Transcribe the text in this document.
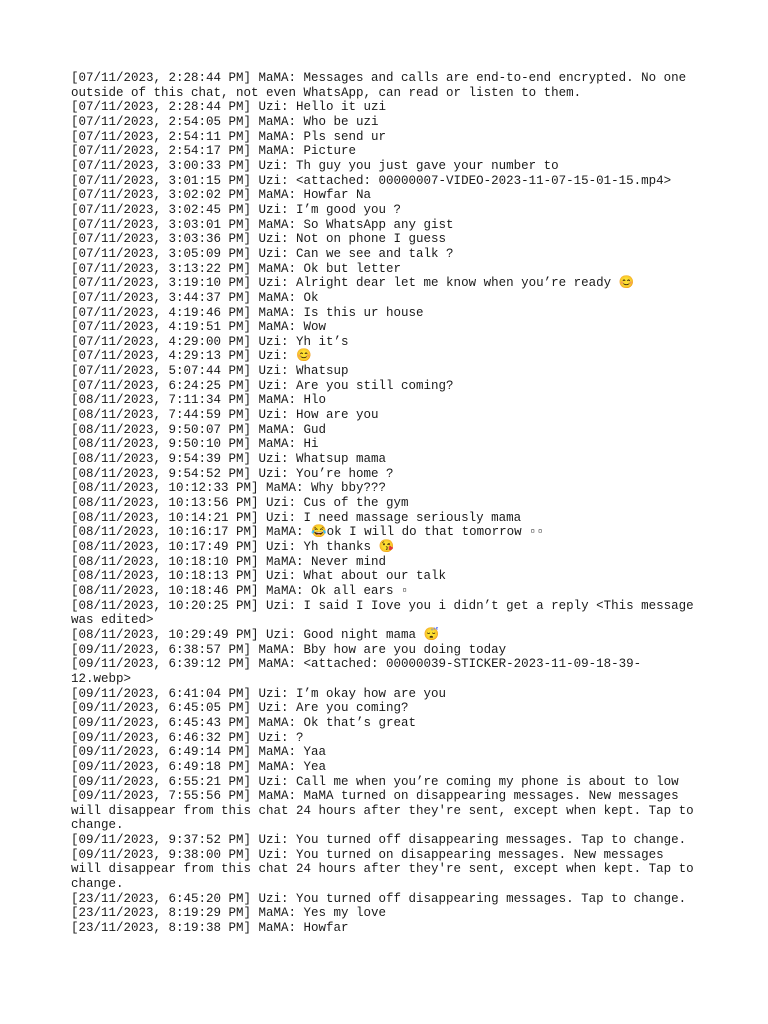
[07/11/2023, 2:28:44 PM] MaMA: Messages and calls are end-to-end encrypted. No one outside of this chat, not even WhatsApp, can read or listen to them.
[07/11/2023, 2:28:44 PM] Uzi: Hello it uzi
[07/11/2023, 2:54:05 PM] MaMA: Who be uzi
[07/11/2023, 2:54:11 PM] MaMA: Pls send ur
[07/11/2023, 2:54:17 PM] MaMA: Picture
[07/11/2023, 3:00:33 PM] Uzi: Th guy you just gave your number to
[07/11/2023, 3:01:15 PM] Uzi: <attached: 00000007-VIDEO-2023-11-07-15-01-15.mp4>
[07/11/2023, 3:02:02 PM] MaMA: Howfar Na
[07/11/2023, 3:02:45 PM] Uzi: I’m good you ?
[07/11/2023, 3:03:01 PM] MaMA: So WhatsApp any gist
[07/11/2023, 3:03:36 PM] Uzi: Not on phone I guess
[07/11/2023, 3:05:09 PM] Uzi: Can we see and talk ?
[07/11/2023, 3:13:22 PM] MaMA: Ok but letter
[07/11/2023, 3:19:10 PM] Uzi: Alright dear let me know when you’re ready 😊
[07/11/2023, 3:44:37 PM] MaMA: Ok
[07/11/2023, 4:19:46 PM] MaMA: Is this ur house
[07/11/2023, 4:19:51 PM] MaMA: Wow
[07/11/2023, 4:29:00 PM] Uzi: Yh it’s
[07/11/2023, 4:29:13 PM] Uzi: 😊
[07/11/2023, 5:07:44 PM] Uzi: Whatsup
[07/11/2023, 6:24:25 PM] Uzi: Are you still coming?
[08/11/2023, 7:11:34 PM] MaMA: Hlo
[08/11/2023, 7:44:59 PM] Uzi: How are you
[08/11/2023, 9:50:07 PM] MaMA: Gud
[08/11/2023, 9:50:10 PM] MaMA: Hi
[08/11/2023, 9:54:39 PM] Uzi: Whatsup mama
[08/11/2023, 9:54:52 PM] Uzi: You’re home ?
[08/11/2023, 10:12:33 PM] MaMA: Why bby???
[08/11/2023, 10:13:56 PM] Uzi: Cus of the gym
[08/11/2023, 10:14:21 PM] Uzi: I need massage seriously mama
[08/11/2023, 10:16:17 PM] MaMA: 😂ok I will do that tomorrow ▫▫
[08/11/2023, 10:17:49 PM] Uzi: Yh thanks 😘
[08/11/2023, 10:18:10 PM] MaMA: Never mind
[08/11/2023, 10:18:13 PM] Uzi: What about our talk
[08/11/2023, 10:18:46 PM] MaMA: Ok all ears ▫
[08/11/2023, 10:20:25 PM] Uzi: I said I Iove you i didn’t get a reply <This message was edited>
[08/11/2023, 10:29:49 PM] Uzi: Good night mama 😴
[09/11/2023, 6:38:57 PM] MaMA: Bby how are you doing today
[09/11/2023, 6:39:12 PM] MaMA: <attached: 00000039-STICKER-2023-11-09-18-39-12.webp>
[09/11/2023, 6:41:04 PM] Uzi: I’m okay how are you
[09/11/2023, 6:45:05 PM] Uzi: Are you coming?
[09/11/2023, 6:45:43 PM] MaMA: Ok that’s great
[09/11/2023, 6:46:32 PM] Uzi: ?
[09/11/2023, 6:49:14 PM] MaMA: Yaa
[09/11/2023, 6:49:18 PM] MaMA: Yea
[09/11/2023, 6:55:21 PM] Uzi: Call me when you’re coming my phone is about to low
[09/11/2023, 7:55:56 PM] MaMA: MaMA turned on disappearing messages. New messages will disappear from this chat 24 hours after they're sent, except when kept. Tap to change.
[09/11/2023, 9:37:52 PM] Uzi: You turned off disappearing messages. Tap to change.
[09/11/2023, 9:38:00 PM] Uzi: You turned on disappearing messages. New messages will disappear from this chat 24 hours after they're sent, except when kept. Tap to change.
[23/11/2023, 6:45:20 PM] Uzi: You turned off disappearing messages. Tap to change.
[23/11/2023, 8:19:29 PM] MaMA: Yes my love
[23/11/2023, 8:19:38 PM] MaMA: Howfar
